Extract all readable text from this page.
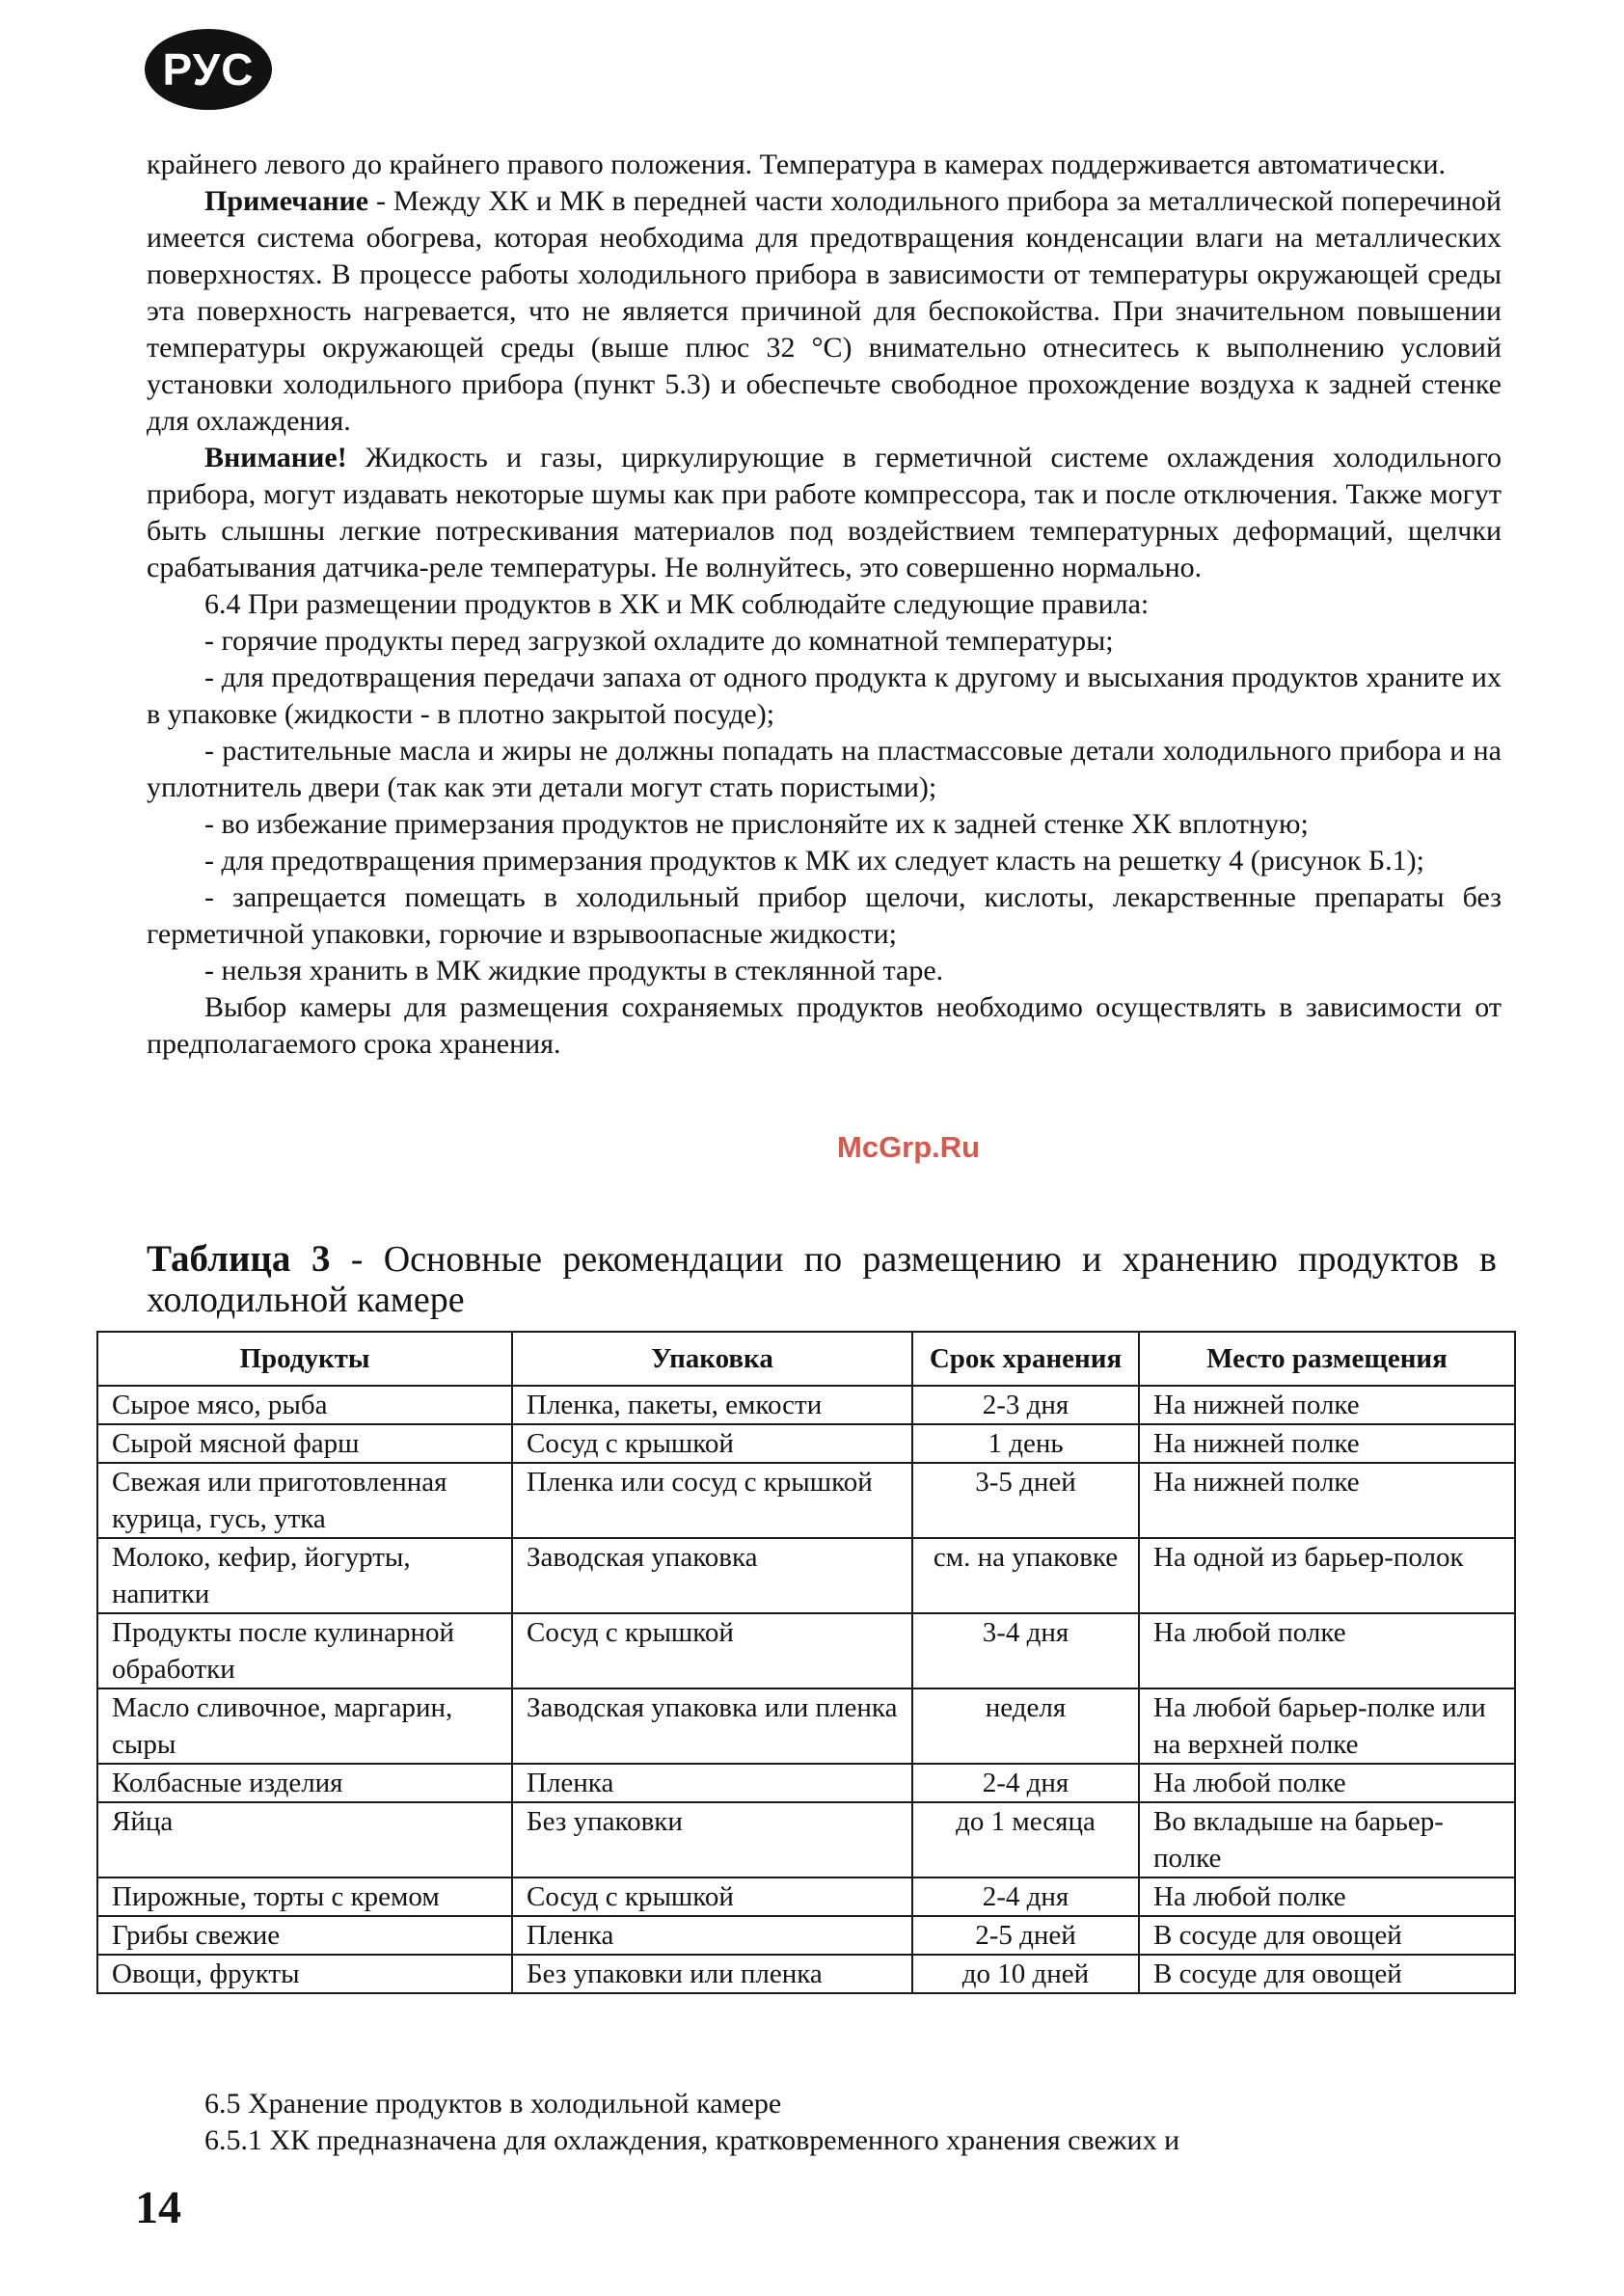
РУС

крайнего левого до крайнего правого положения. Температура в камерах поддерживается автоматически.

Примечание - Между ХК и МК в передней части холодильного прибора за металлической поперечиной имеется система обогрева, которая необходима для предотвращения конденсации влаги на металлических поверхностях. В процессе работы холодильного прибора в зависимости от температуры окружающей среды эта поверхность нагревается, что не является причиной для беспокойства. При значительном повышении температуры окружающей среды (выше плюс 32 °С) внимательно отнеситесь к выполнению условий установки холодильного прибора (пункт 5.3) и обеспечьте свободное прохождение воздуха к задней стенке для охлаждения.

Внимание! Жидкость и газы, циркулирующие в герметичной системе охлаждения холодильного прибора, могут издавать некоторые шумы как при работе компрессора, так и после отключения. Также могут быть слышны легкие потрескивания материалов под воздействием температурных деформаций, щелчки срабатывания датчика-реле температуры. Не волнуйтесь, это совершенно нормально.

6.4 При размещении продуктов в ХК и МК соблюдайте следующие правила:

- горячие продукты перед загрузкой охладите до комнатной температуры;

- для предотвращения передачи запаха от одного продукта к другому и высыхания продуктов храните их в упаковке (жидкости - в плотно закрытой посуде);

- растительные масла и жиры не должны попадать на пластмассовые детали холодильного прибора и на уплотнитель двери (так как эти детали могут стать пористыми);

- во избежание примерзания продуктов не прислоняйте их к задней стенке ХК вплотную;

- для предотвращения примерзания продуктов к МК их следует класть на решетку 4 (рисунок Б.1);

- запрещается помещать в холодильный прибор щелочи, кислоты, лекарственные препараты без герметичной упаковки, горючие и взрывоопасные жидкости;

- нельзя хранить в МК жидкие продукты в стеклянной таре.

Выбор камеры для размещения сохраняемых продуктов необходимо осуществлять в зависимости от предполагаемого срока хранения.

McGrp.Ru
Таблица 3 - Основные рекомендации по размещению и хранению продуктов в холодильной камере
Продукты	Упаковка	Срок хранения	Место размещения
Сырое мясо, рыба	Пленка, пакеты, емкости	2-3 дня	На нижней полке
Сырой мясной фарш	Сосуд с крышкой	1 день	На нижней полке
Свежая или приготовленная курица, гусь, утка	Пленка или сосуд с крышкой	3-5 дней	На нижней полке
Молоко, кефир, йогурты, напитки	Заводская упаковка	см. на упаковке	На одной из барьер-полок
Продукты после кулинарной обработки	Сосуд с крышкой	3-4 дня	На любой полке
Масло сливочное, маргарин, сыры	Заводская упаковка или пленка	неделя	На любой барьер-полке или на верхней полке
Колбасные изделия	Пленка	2-4 дня	На любой полке
Яйца	Без упаковки	до 1 месяца	Во вкладыше на барьер-полке
Пирожные, торты с кремом	Сосуд с крышкой	2-4 дня	На любой полке
Грибы свежие	Пленка	2-5 дней	В сосуде для овощей
Овощи, фрукты	Без упаковки или пленка	до 10 дней	В сосуде для овощей

6.5 Хранение продуктов в холодильной камере

6.5.1 ХК предназначена для охлаждения, кратковременного хранения свежих и

14
